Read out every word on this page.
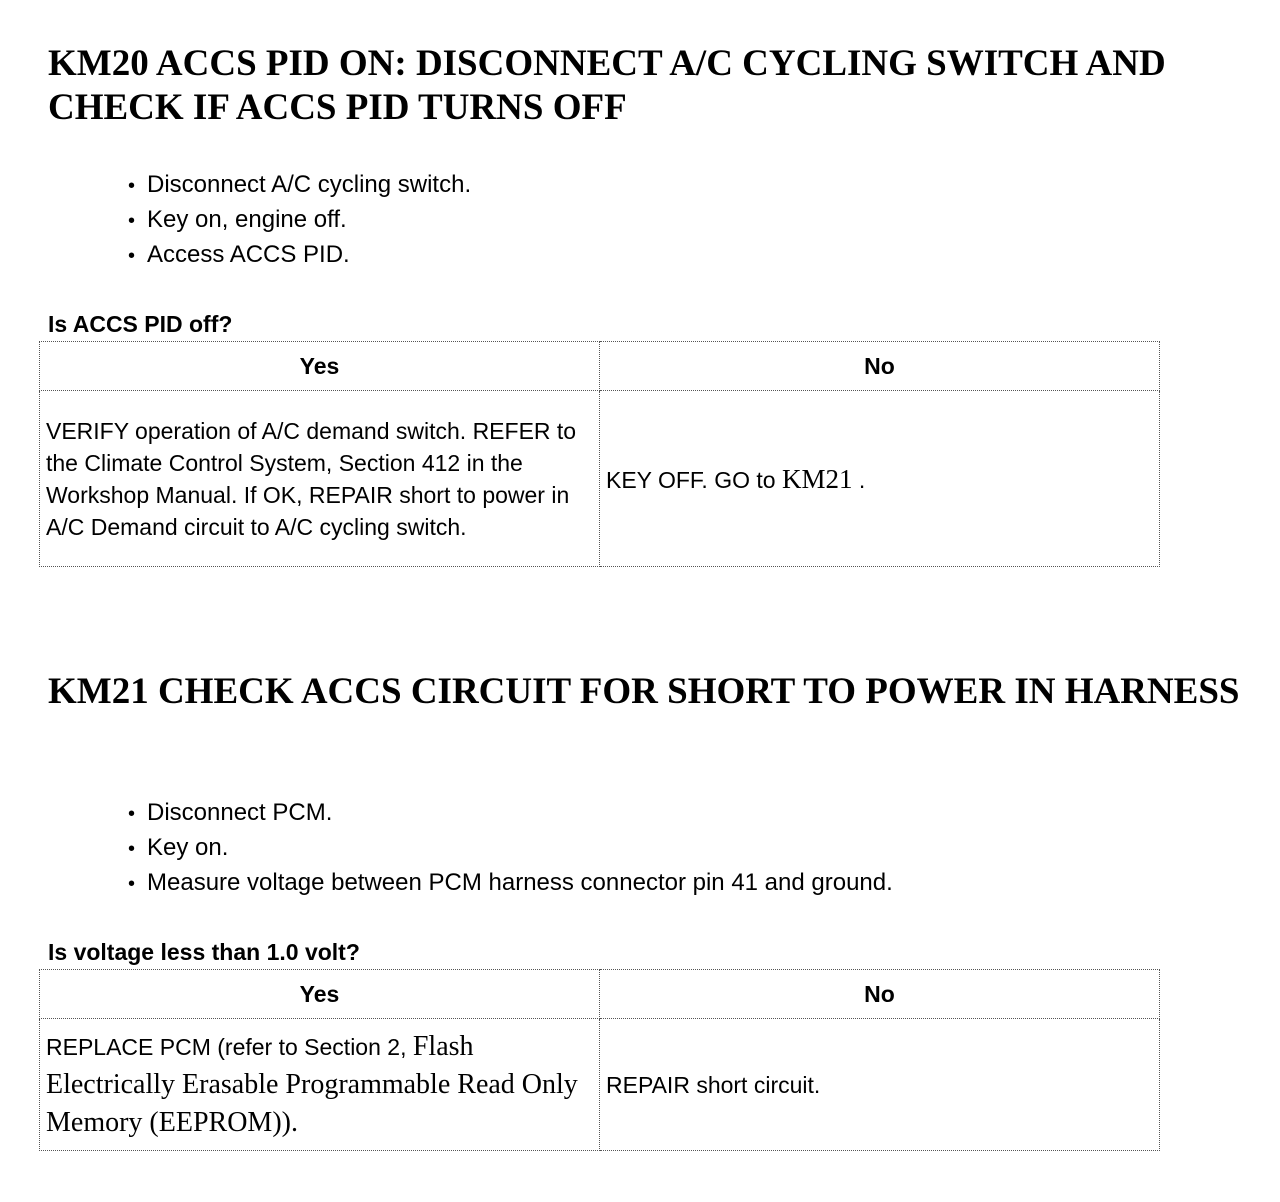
KM20 ACCS PID ON: DISCONNECT A/C CYCLING SWITCH AND CHECK IF ACCS PID TURNS OFF
• Disconnect A/C cycling switch.
• Key on, engine off.
• Access ACCS PID.

Is ACCS PID off?

Yes	No
VERIFY operation of A/C demand switch. REFER to the Climate Control System, Section 412 in the Workshop Manual. If OK, REPAIR short to power in A/C Demand circuit to A/C cycling switch.	KEY OFF. GO to KM21 .
KM21 CHECK ACCS CIRCUIT FOR SHORT TO POWER IN HARNESS
• Disconnect PCM.
• Key on.
• Measure voltage between PCM harness connector pin 41 and ground.

Is voltage less than 1.0 volt?

Yes	No
REPLACE PCM (refer to Section 2, Flash Electrically Erasable Programmable Read Only Memory (EEPROM)).	REPAIR short circuit.
